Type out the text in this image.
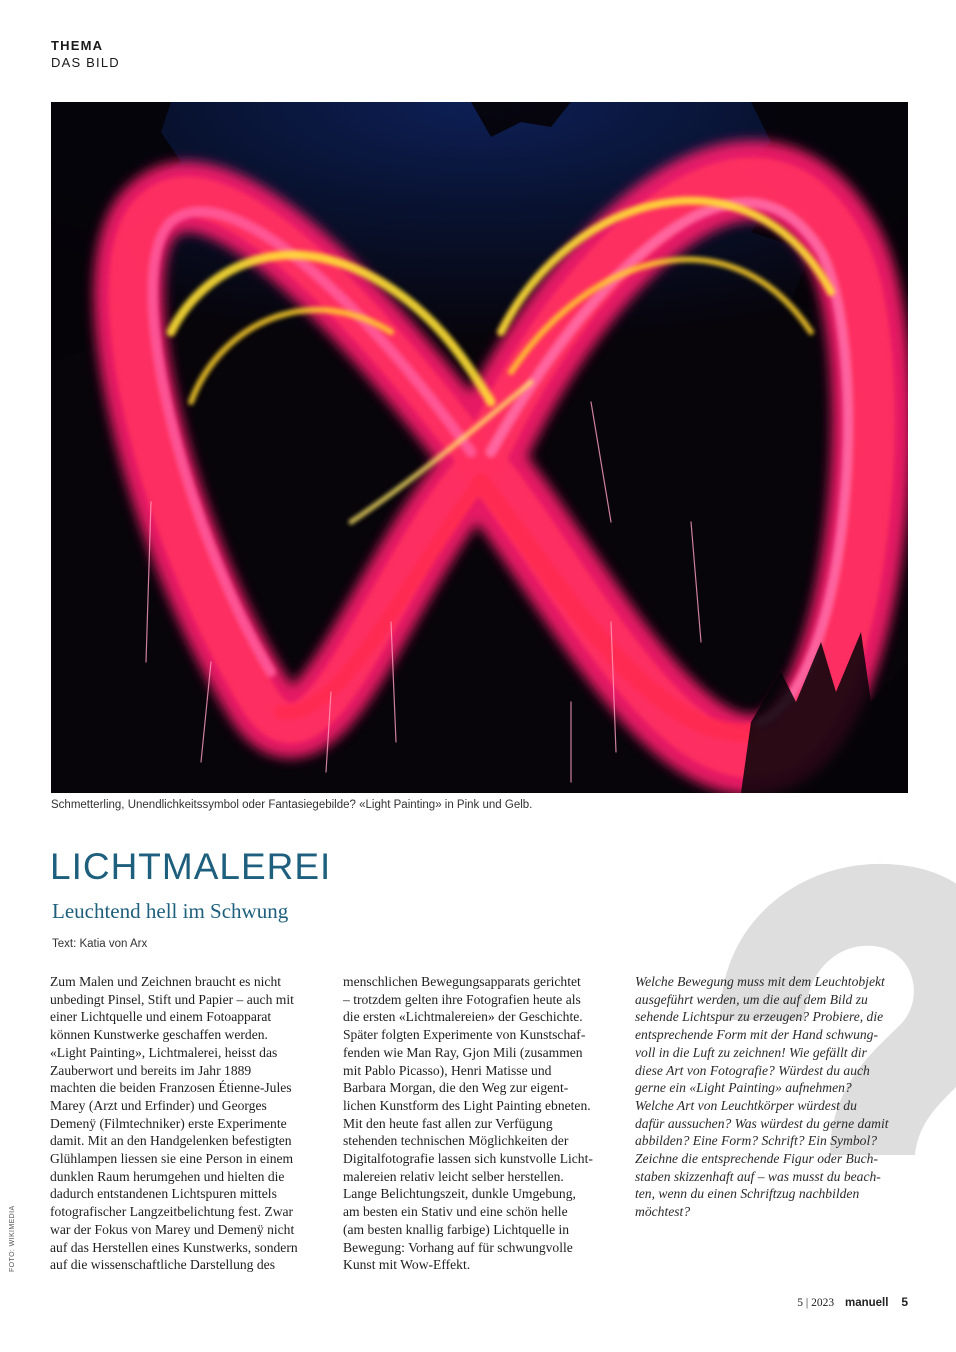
THEMA
DAS BILD
Schmetterling, Unendlichkeitssymbol oder Fantasiegebilde? «Light Painting» in Pink und Gelb.
LICHTMALEREI
Leuchtend hell im Schwung
Text: Katia von Arx
Zum Malen und Zeichnen braucht es nicht
unbedingt Pinsel, Stift und Papier – auch mit
einer Lichtquelle und einem Fotoapparat
können Kunstwerke geschaffen werden.
«Light Painting», Lichtmalerei, heisst das
Zauberwort und bereits im Jahr 1889
machten die beiden Franzosen Étienne-Jules
Marey (Arzt und Erfinder) und Georges
Demenÿ (Filmtechniker) erste Experimente
damit. Mit an den Handgelenken befestigten
Glühlampen liessen sie eine Person in einem
dunklen Raum herumgehen und hielten die
dadurch entstandenen Lichtspuren mittels
fotografischer Langzeitbelichtung fest. Zwar
war der Fokus von Marey und Demenÿ nicht
auf das Herstellen eines Kunstwerks, sondern
auf die wissenschaftliche Darstellung des
menschlichen Bewegungsapparats gerichtet
– trotzdem gelten ihre Fotografien heute als
die ersten «Lichtmalereien» der Geschichte.
Später folgten Experimente von Kunstschaf-
fenden wie Man Ray, Gjon Mili (zusammen
mit Pablo Picasso), Henri Matisse und
Barbara Morgan, die den Weg zur eigent-
lichen Kunstform des Light Painting ebneten.
Mit den heute fast allen zur Verfügung
stehenden technischen Möglichkeiten der
Digitalfotografie lassen sich kunstvolle Licht-
malereien relativ leicht selber herstellen.
Lange Belichtungszeit, dunkle Umgebung,
am besten ein Stativ und eine schön helle
(am besten knallig farbige) Lichtquelle in
Bewegung: Vorhang auf für schwungvolle
Kunst mit Wow-Effekt.
Welche Bewegung muss mit dem Leuchtobjekt
ausgeführt werden, um die auf dem Bild zu
sehende Lichtspur zu erzeugen? Probiere, die
entsprechende Form mit der Hand schwung-
voll in die Luft zu zeichnen! Wie gefällt dir
diese Art von Fotografie? Würdest du auch
gerne ein «Light Painting» aufnehmen?
Welche Art von Leuchtkörper würdest du
dafür aussuchen? Was würdest du gerne damit
abbilden? Eine Form? Schrift? Ein Symbol?
Zeichne die entsprechende Figur oder Buch-
staben skizzenhaft auf – was musst du beach-
ten, wenn du einen Schriftzug nachbilden
möchtest?
FOTO: WIKIMEDIA
5 | 2023 manuell 5
